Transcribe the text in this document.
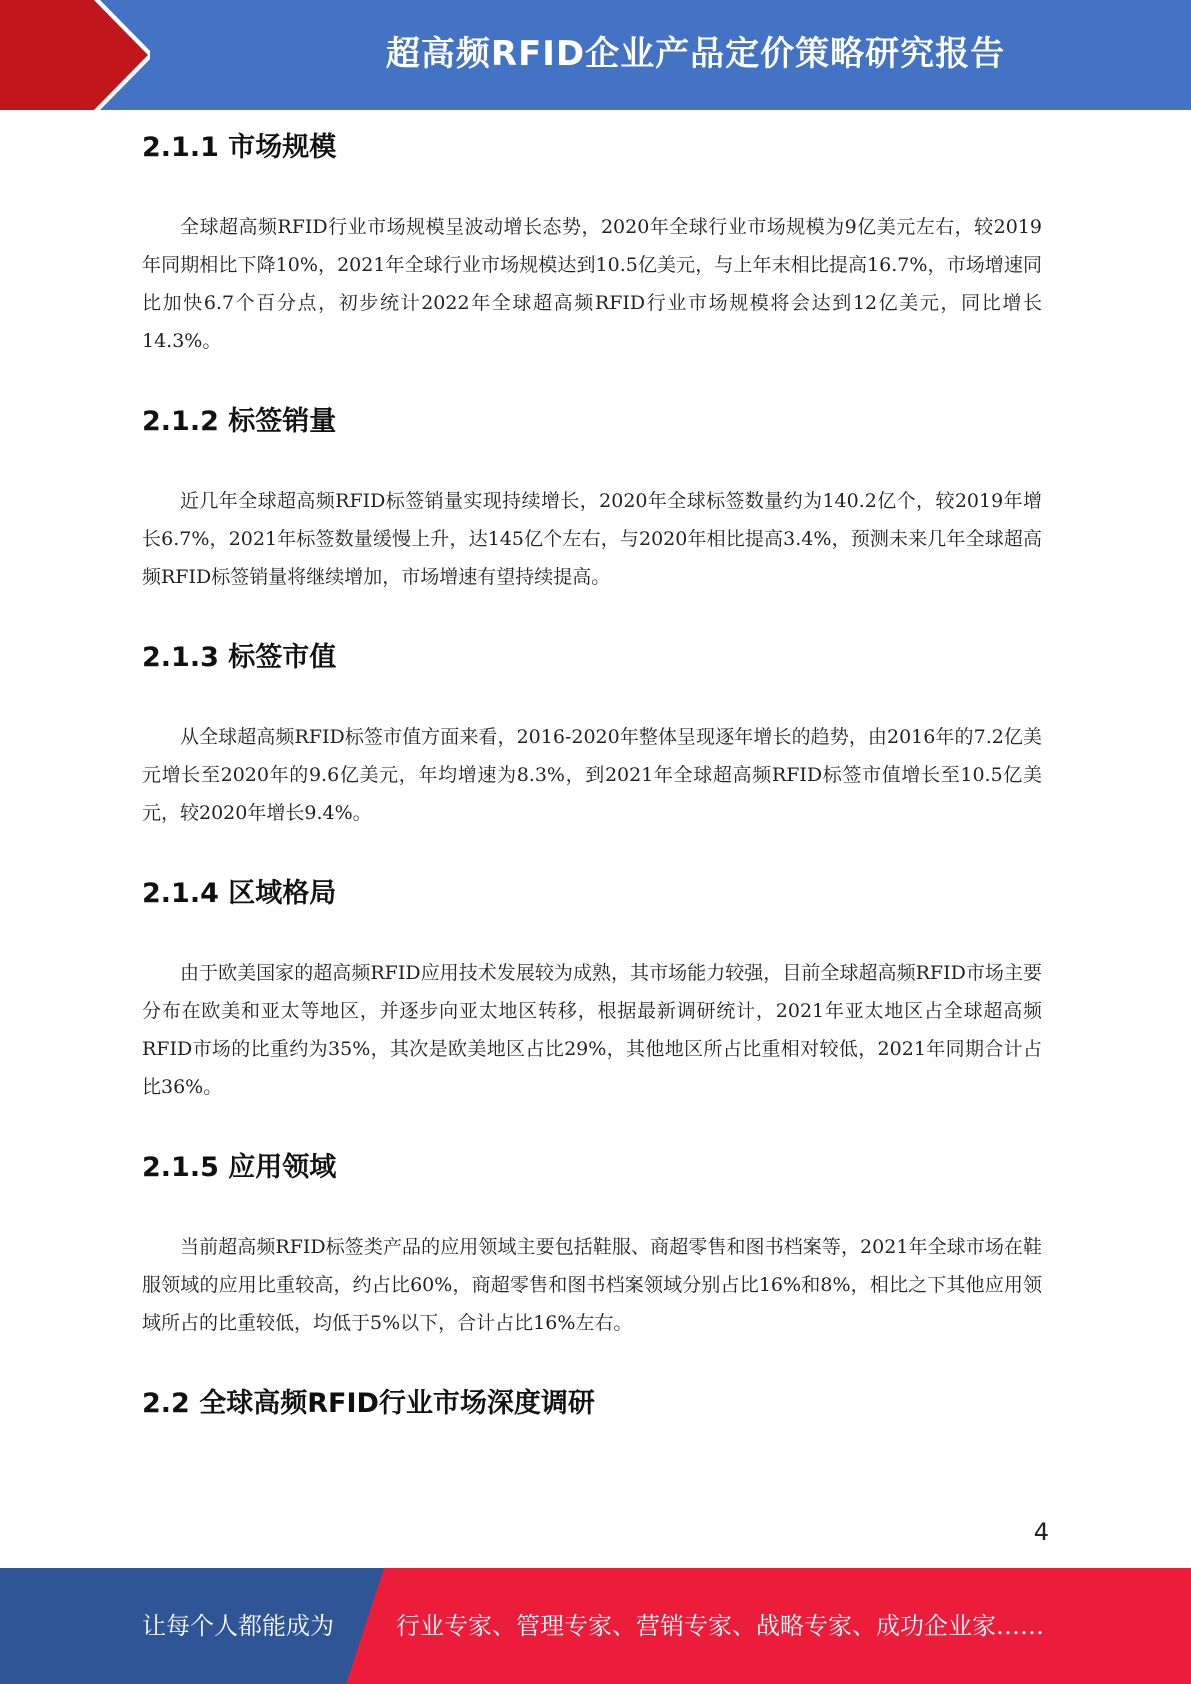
超高频RFID企业产品定价策略研究报告
2.1.1 市场规模

全球超高频RFID行业市场规模呈波动增长态势，2020年全球行业市场规模为9亿美元左右，较2019年同期相比下降10%，2021年全球行业市场规模达到10.5亿美元，与上年末相比提高16.7%，市场增速同比加快6.7个百分点，初步统计2022年全球超高频RFID行业市场规模将会达到12亿美元，同比增长14.3%。

2.1.2 标签销量

近几年全球超高频RFID标签销量实现持续增长，2020年全球标签数量约为140.2亿个，较2019年增长6.7%，2021年标签数量缓慢上升，达145亿个左右，与2020年相比提高3.4%，预测未来几年全球超高频RFID标签销量将继续增加，市场增速有望持续提高。

2.1.3 标签市值

从全球超高频RFID标签市值方面来看，2016-2020年整体呈现逐年增长的趋势，由2016年的7.2亿美元增长至2020年的9.6亿美元，年均增速为8.3%，到2021年全球超高频RFID标签市值增长至10.5亿美元，较2020年增长9.4%。

2.1.4 区域格局

由于欧美国家的超高频RFID应用技术发展较为成熟，其市场能力较强，目前全球超高频RFID市场主要分布在欧美和亚太等地区，并逐步向亚太地区转移，根据最新调研统计，2021年亚太地区占全球超高频RFID市场的比重约为35%，其次是欧美地区占比29%，其他地区所占比重相对较低，2021年同期合计占比36%。

2.1.5 应用领域

当前超高频RFID标签类产品的应用领域主要包括鞋服、商超零售和图书档案等，2021年全球市场在鞋服领域的应用比重较高，约占比60%，商超零售和图书档案领域分别占比16%和8%，相比之下其他应用领域所占的比重较低，均低于5%以下，合计占比16%左右。

2.2 全球高频RFID行业市场深度调研
4
让每个人都能成为	行业专家、管理专家、营销专家、战略专家、成功企业家……
